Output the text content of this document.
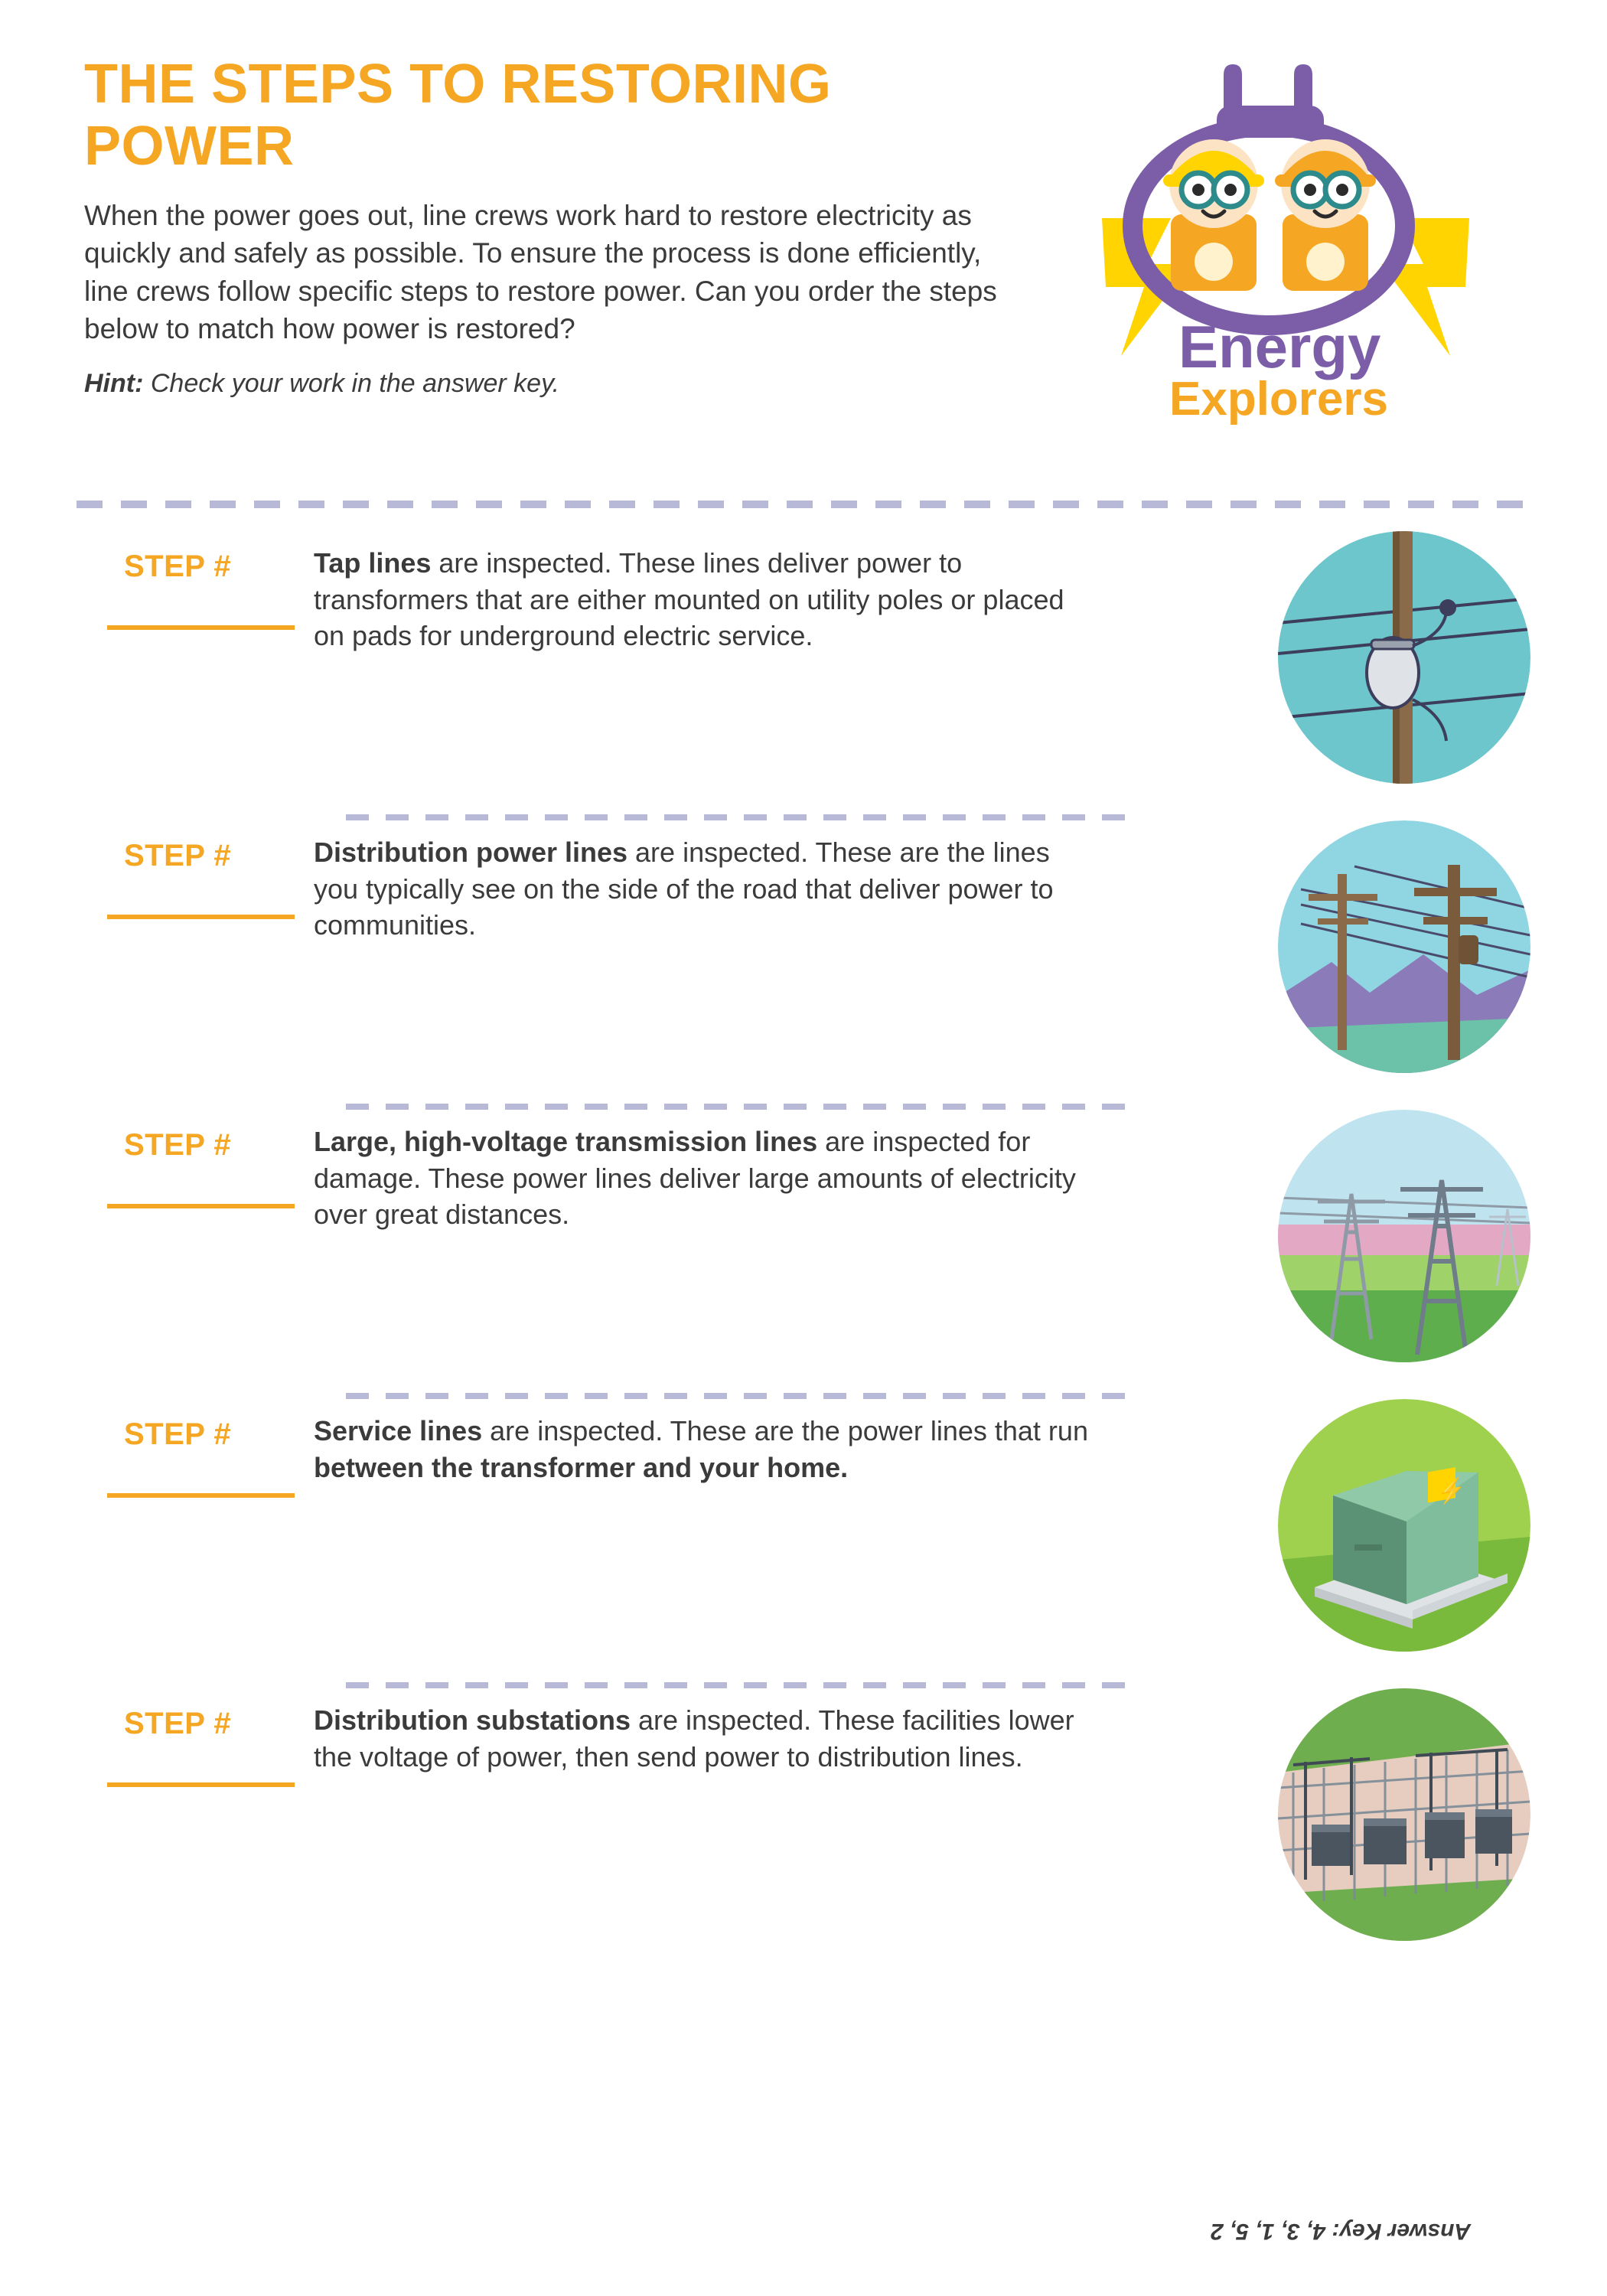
THE STEPS TO RESTORING POWER

When the power goes out, line crews work hard to restore electricity as quickly and safely as possible. To ensure the process is done efficiently, line crews follow specific steps to restore power. Can you order the steps below to match how power is restored?

Hint: Check your work in the answer key.
Energy
Explorers
STEP #	Tap lines are inspected. These lines deliver power to transformers that are either mounted on utility poles or placed on pads for underground electric service.
STEP #	Distribution power lines are inspected. These are the lines you typically see on the side of the road that deliver power to communities.
STEP #	Large, high-voltage transmission lines are inspected for damage. These power lines deliver large amounts of electricity over great distances.
STEP #	Service lines are inspected. These are the power lines that run between the transformer and your home.
⚡
STEP #	Distribution substations are inspected. These facilities lower the voltage of power, then send power to distribution lines.
Answer Key: 4, 3, 1, 5, 2
